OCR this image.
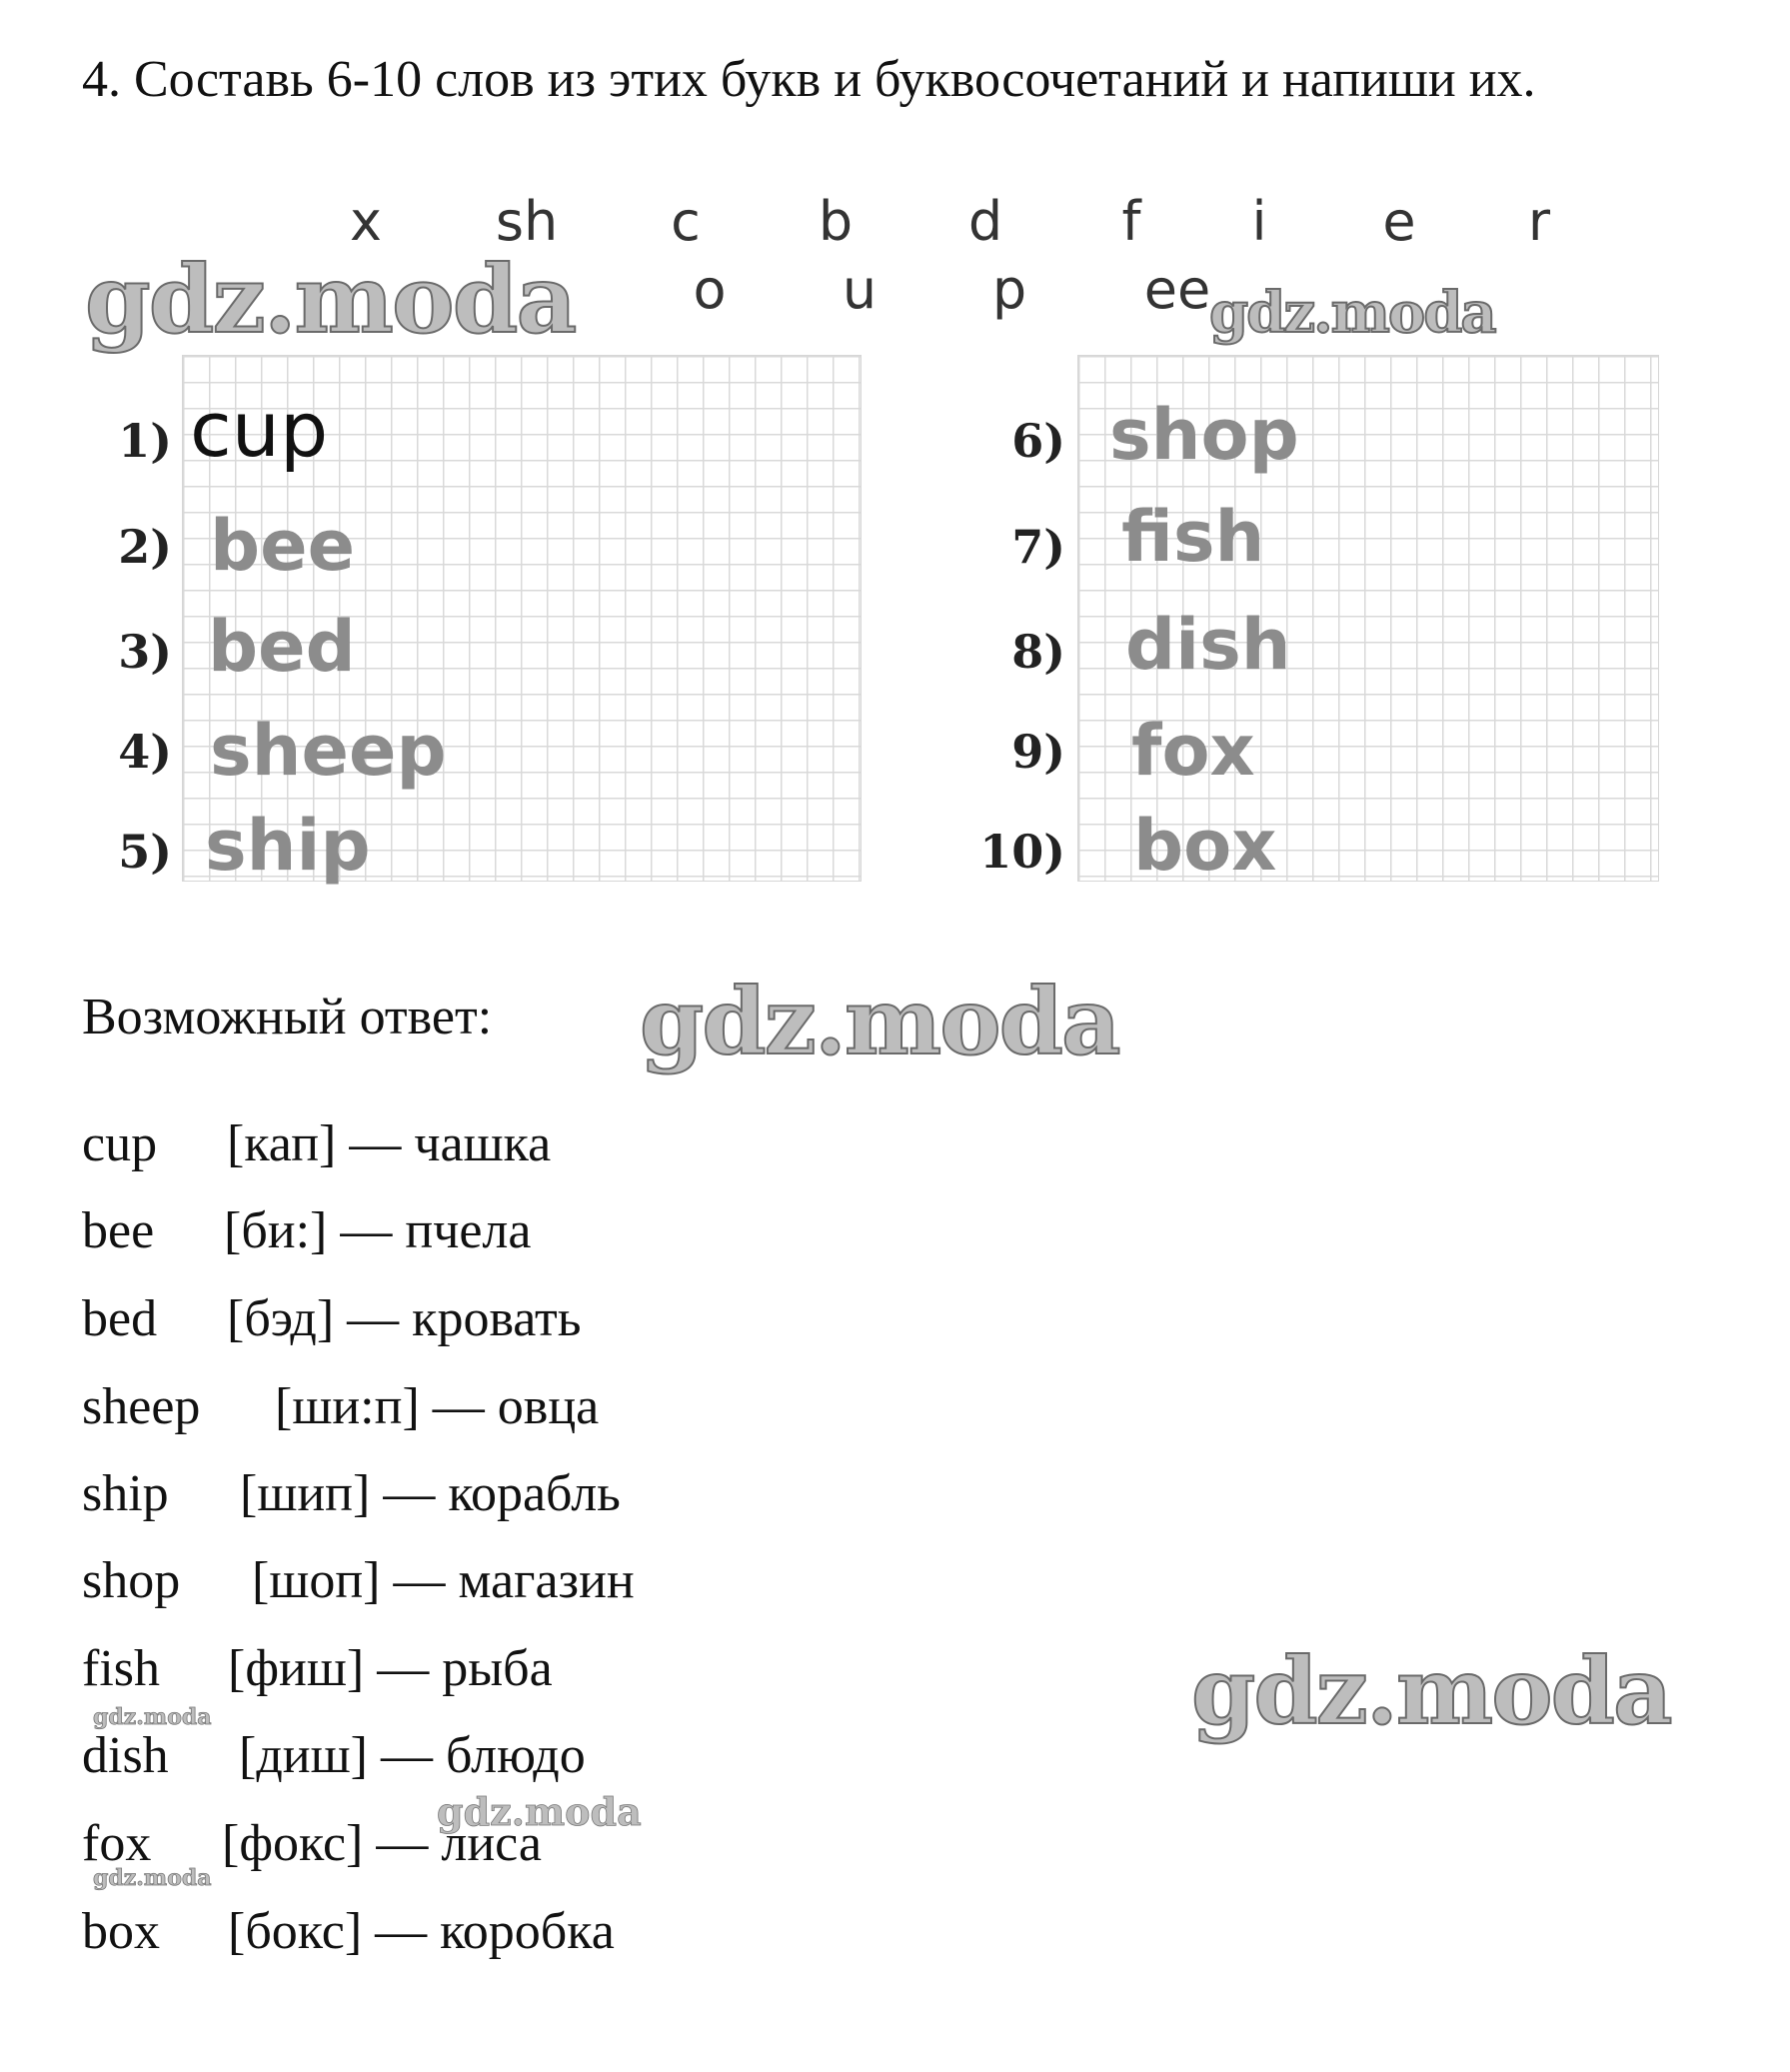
4. Составь 6-10 слов из этих букв и буквосочетаний и напиши их.
x sh c b d f i e r
o u p ee
1) cup
2) bee
3) bed
4) sheep
5) ship
6) shop
7) fish
8) dish
9) fox
10) box
Возможный ответ:
cup [кап] — чашка
bee [би:] — пчела
bed [бэд] — кровать
sheep [ши:п] — овца
ship [шип] — корабль
shop [шоп] — магазин
fish [фиш] — рыба
dish [диш] — блюдо
fox [фокс] — лиса
box [бокс] — коробка
gdz.moda	gdz.moda
gdz.moda
gdz.moda
gdz.moda
gdz.moda
gdz.moda
